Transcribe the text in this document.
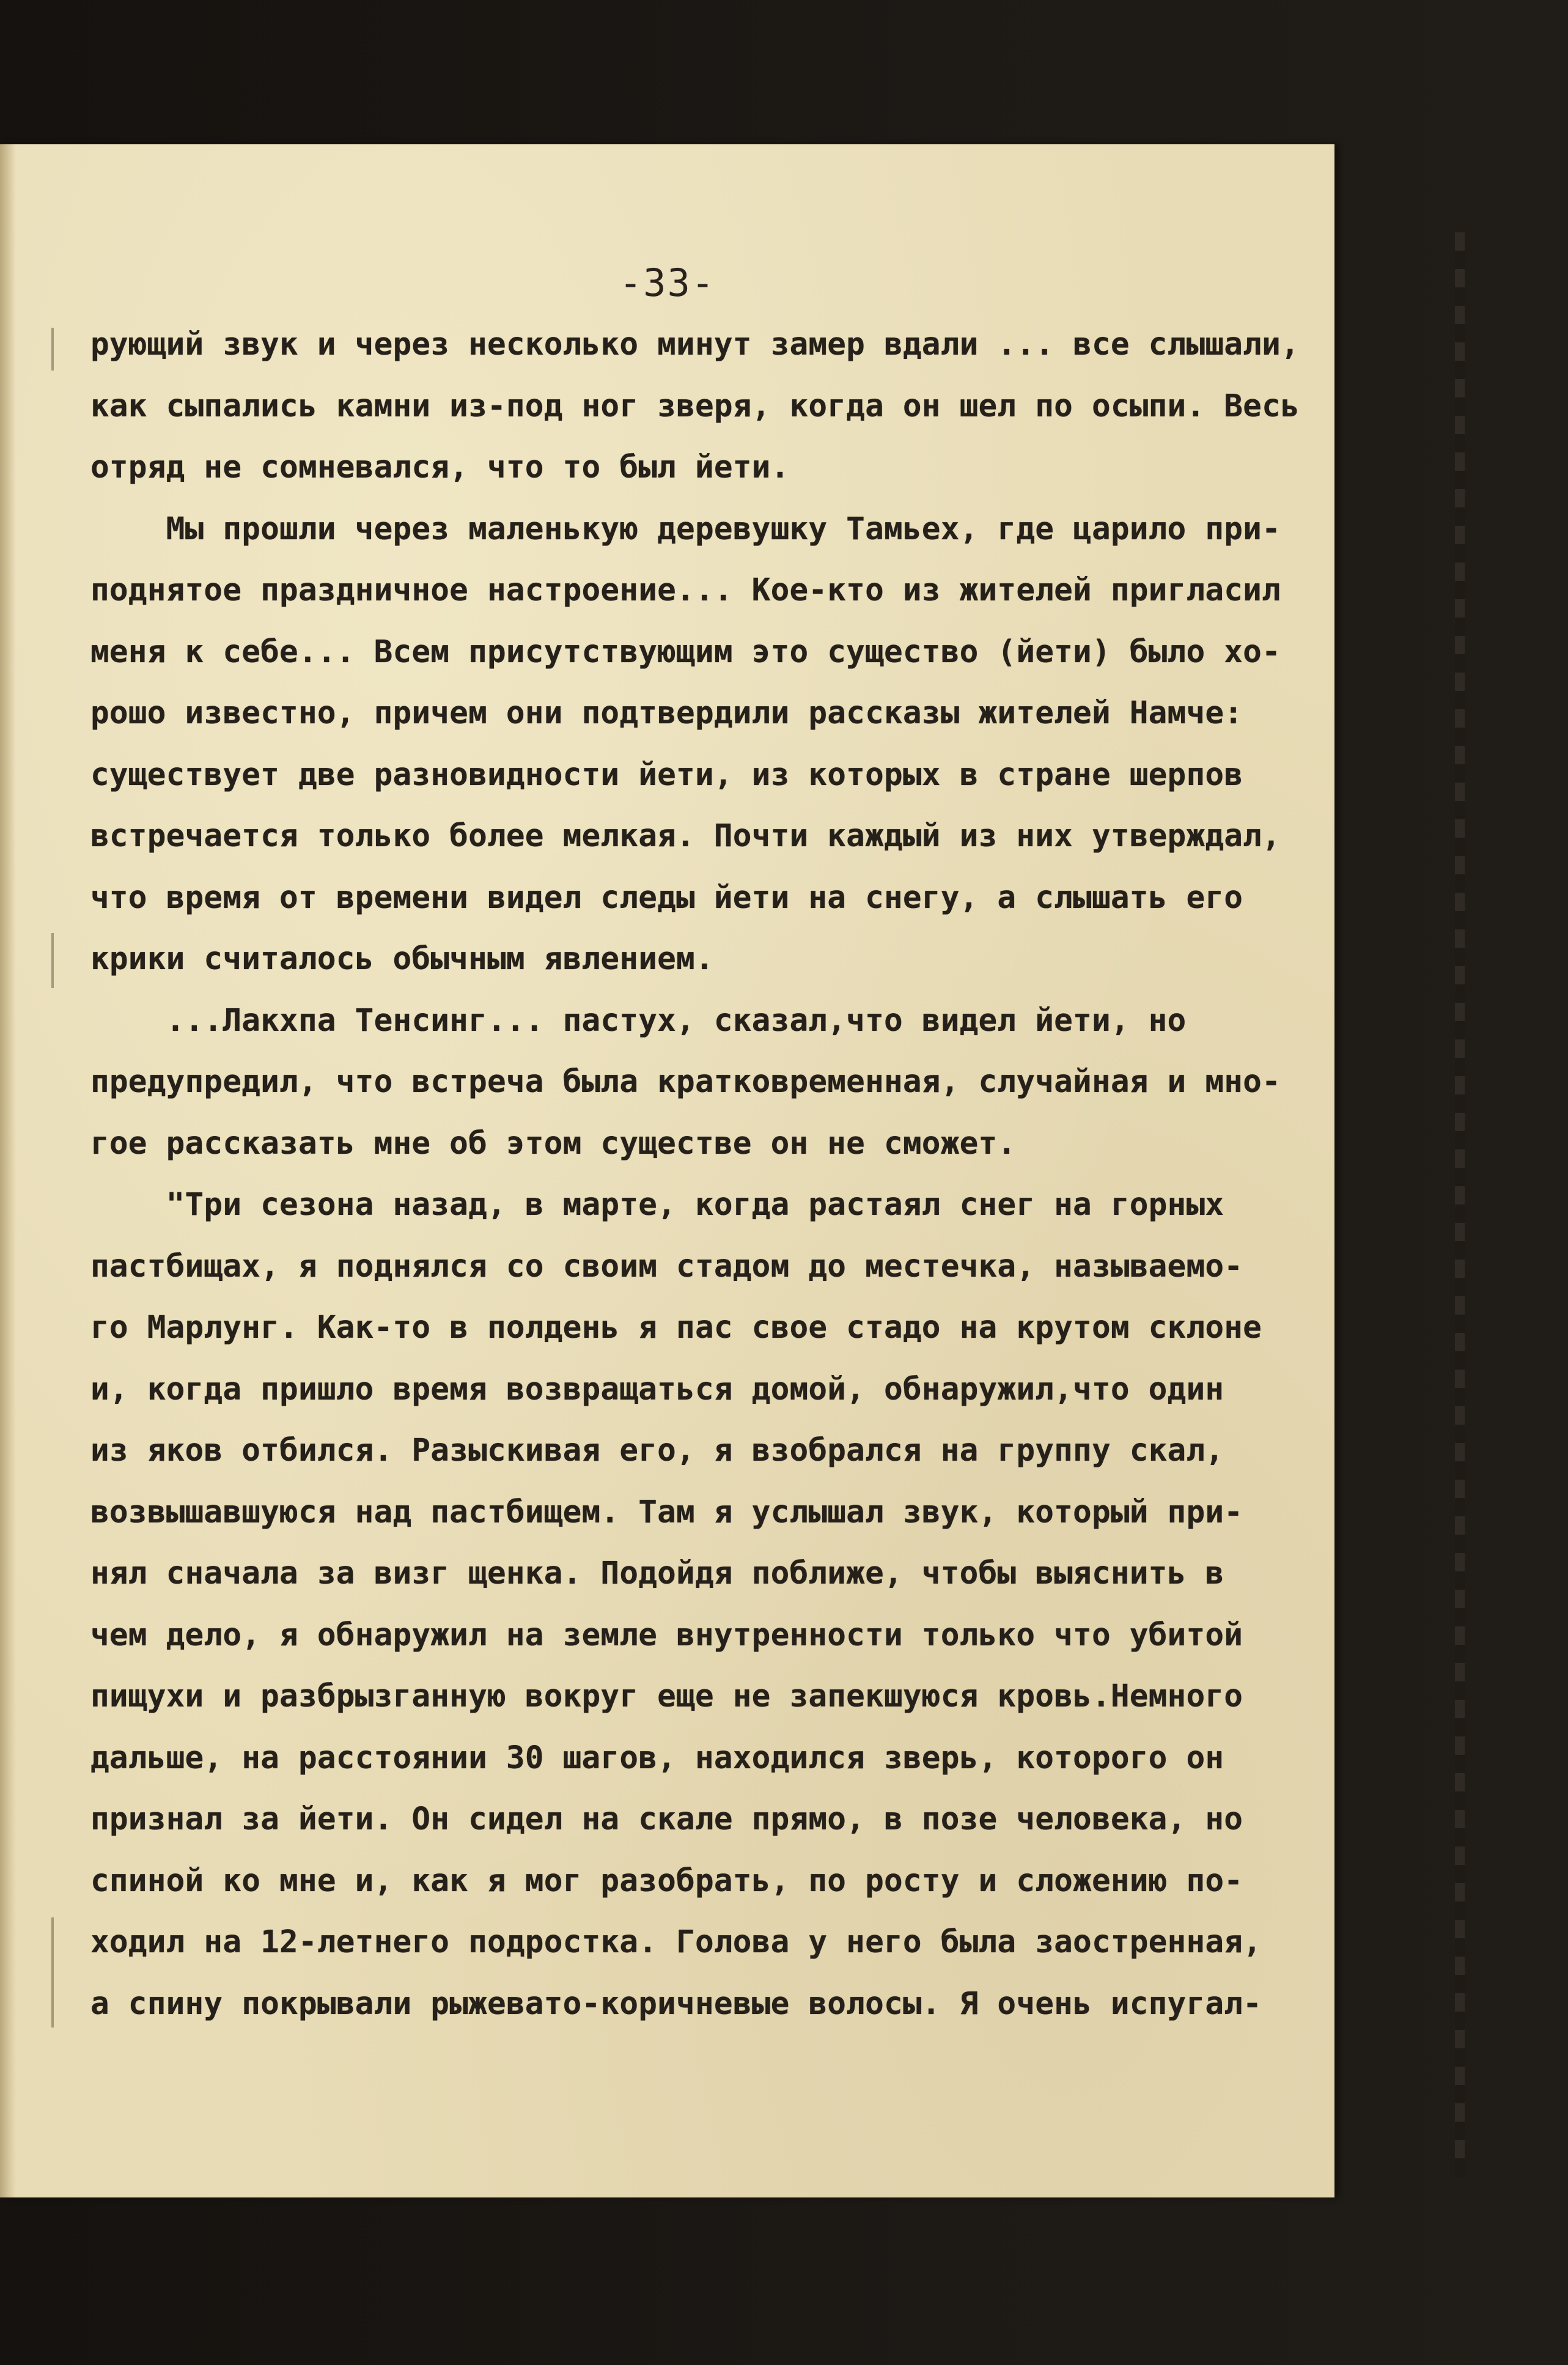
-33-
рующий звук и через несколько минут замер вдали ... все слышали,
как сыпались камни из-под ног зверя, когда он шел по осыпи. Весь
отряд не сомневался, что то был йети.
Мы прошли через маленькую деревушку Тамьех, где царило при-
поднятое праздничное настроение... Кое-кто из жителей пригласил
меня к себе... Всем присутствующим это существо (йети) было хо-
рошо известно, причем они подтвердили рассказы жителей Намче:
существует две разновидности йети, из которых в стране шерпов
встречается только более мелкая. Почти каждый из них утверждал,
что время от времени видел следы йети на снегу, а слышать его
крики считалось обычным явлением.
...Лакхпа Тенсинг... пастух, сказал,что видел йети, но
предупредил, что встреча была кратковременная, случайная и мно-
гое рассказать мне об этом существе он не сможет.
"Три сезона назад, в марте, когда растаял снег на горных
пастбищах, я поднялся со своим стадом до местечка, называемо-
го Марлунг. Как-то в полдень я пас свое стадо на крутом склоне
и, когда пришло время возвращаться домой, обнаружил,что один
из яков отбился. Разыскивая его, я взобрался на группу скал,
возвышавшуюся над пастбищем. Там я услышал звук, который при-
нял сначала за визг щенка. Подойдя поближе, чтобы выяснить в
чем дело, я обнаружил на земле внутренности только что убитой
пищухи и разбрызганную вокруг еще не запекшуюся кровь.Немного
дальше, на расстоянии 30 шагов, находился зверь, которого он
признал за йети. Он сидел на скале прямо, в позе человека, но
спиной ко мне и, как я мог разобрать, по росту и сложению по-
ходил на 12-летнего подростка. Голова у него была заостренная,
а спину покрывали рыжевато-коричневые волосы. Я очень испугал-
